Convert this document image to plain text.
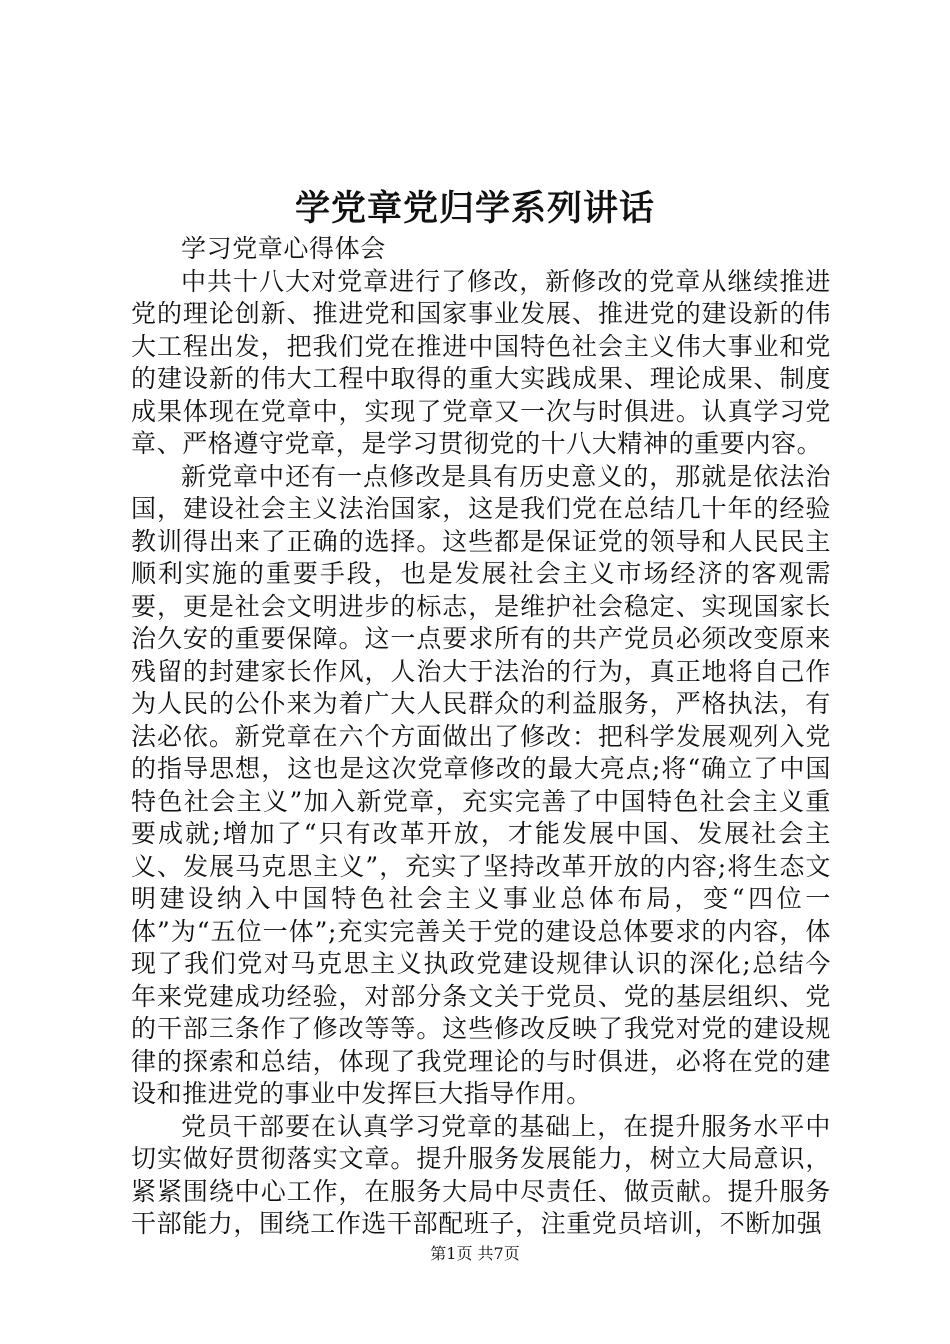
学党章党归学系列讲话

学习党章心得体会

中共十八大对党章进行了修改，新修改的党章从继续推进党的理论创新、推进党和国家事业发展、推进党的建设新的伟大工程出发，把我们党在推进中国特色社会主义伟大事业和党的建设新的伟大工程中取得的重大实践成果、理论成果、制度成果体现在党章中，实现了党章又一次与时俱进。认真学习党章、严格遵守党章，是学习贯彻党的十八大精神的重要内容。

新党章中还有一点修改是具有历史意义的，那就是依法治国，建设社会主义法治国家，这是我们党在总结几十年的经验教训得出来了正确的选择。这些都是保证党的领导和人民民主顺利实施的重要手段，也是发展社会主义市场经济的客观需要，更是社会文明进步的标志，是维护社会稳定、实现国家长治久安的重要保障。这一点要求所有的共产党员必须改变原来残留的封建家长作风，人治大于法治的行为，真正地将自己作为人民的公仆来为着广大人民群众的利益服务，严格执法，有法必依。新党章在六个方面做出了修改：把科学发展观列入党的指导思想，这也是这次党章修改的最大亮点;将“确立了中国特色社会主义”加入新党章，充实完善了中国特色社会主义重要成就;增加了“只有改革开放，才能发展中国、发展社会主义、发展马克思主义”，充实了坚持改革开放的内容;将生态文明建设纳入中国特色社会主义事业总体布局，变“四位一体”为“五位一体”;充实完善关于党的建设总体要求的内容，体现了我们党对马克思主义执政党建设规律认识的深化;总结今年来党建成功经验，对部分条文关于党员、党的基层组织、党的干部三条作了修改等等。这些修改反映了我党对党的建设规律的探索和总结，体现了我党理论的与时俱进，必将在党的建设和推进党的事业中发挥巨大指导作用。

党员干部要在认真学习党章的基础上，在提升服务水平中切实做好贯彻落实文章。提升服务发展能力，树立大局意识，紧紧围绕中心工作，在服务大局中尽责任、做贡献。提升服务干部能力，围绕工作选干部配班子，注重党员培训，不断加强

第1页 共7页
